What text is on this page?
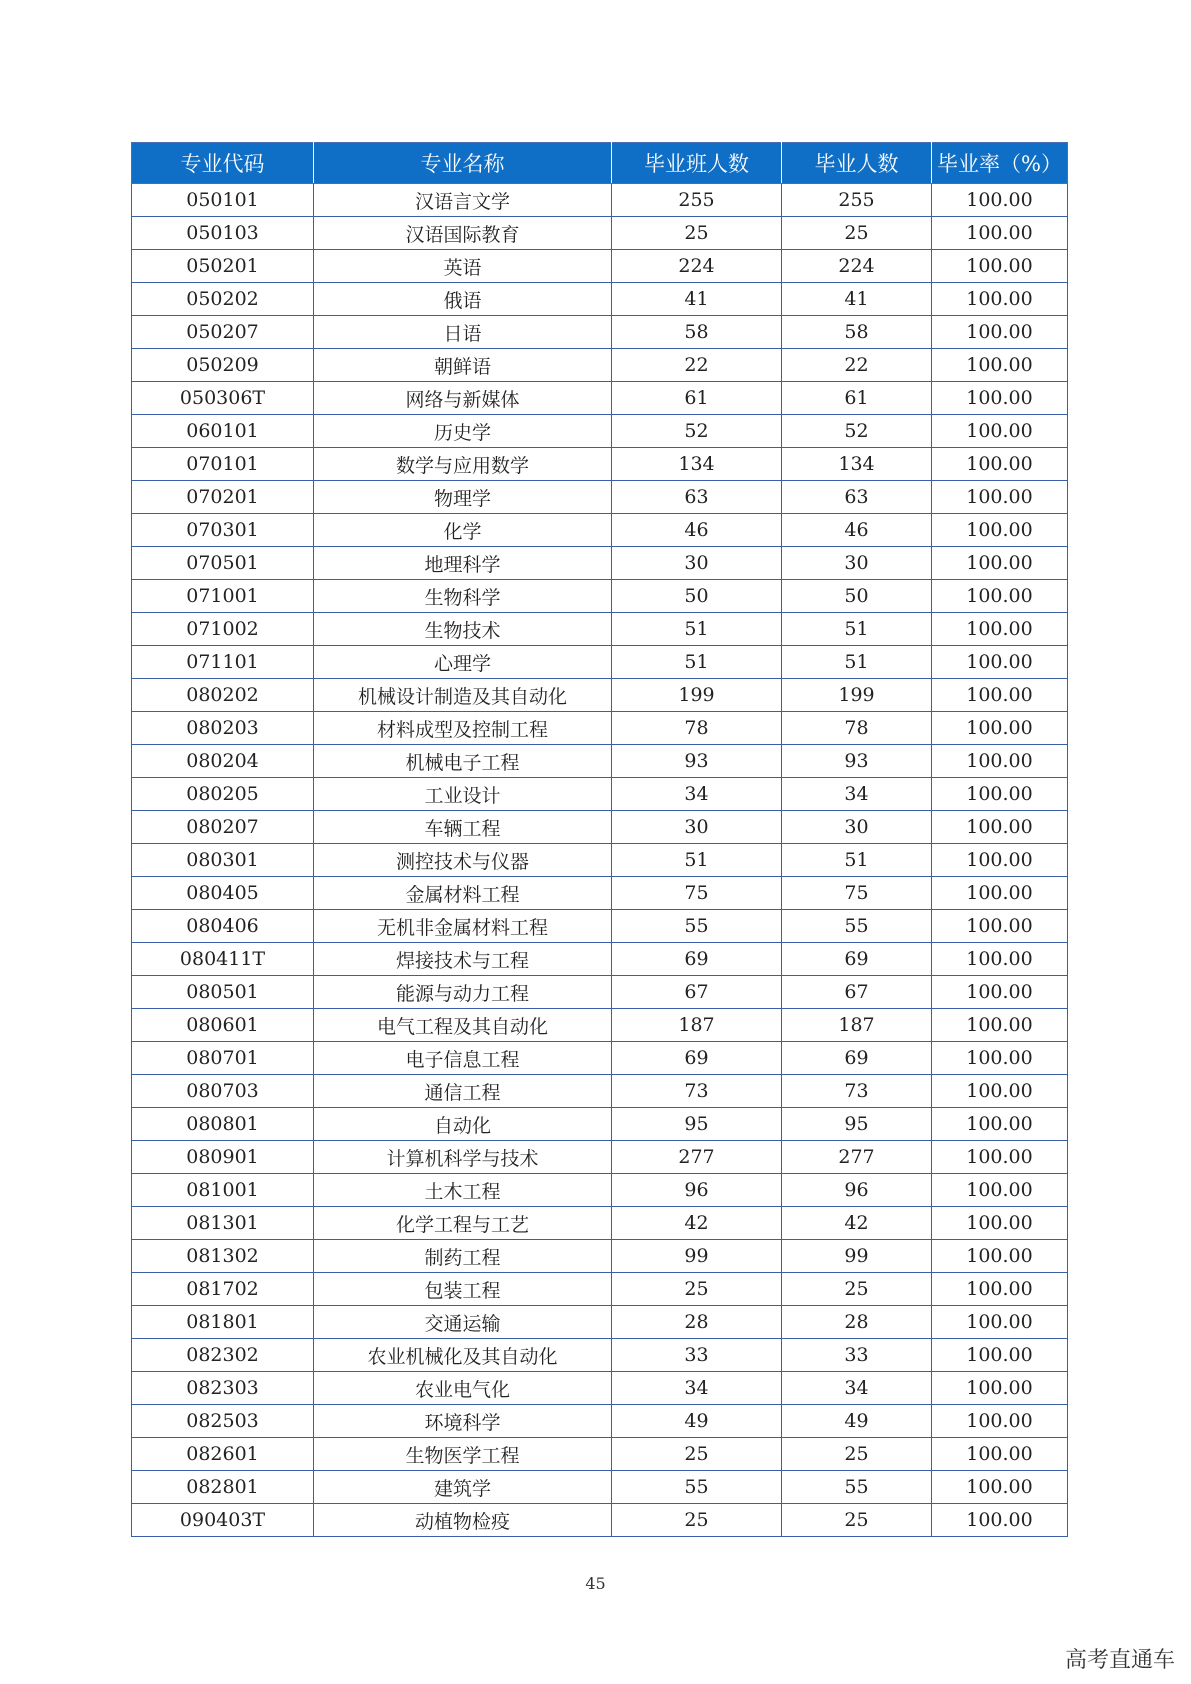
专业代码	专业名称	毕业班人数	毕业人数	毕业率（%）
050101	汉语言文学	255	255	100.00
050103	汉语国际教育	25	25	100.00
050201	英语	224	224	100.00
050202	俄语	41	41	100.00
050207	日语	58	58	100.00
050209	朝鲜语	22	22	100.00
050306T	网络与新媒体	61	61	100.00
060101	历史学	52	52	100.00
070101	数学与应用数学	134	134	100.00
070201	物理学	63	63	100.00
070301	化学	46	46	100.00
070501	地理科学	30	30	100.00
071001	生物科学	50	50	100.00
071002	生物技术	51	51	100.00
071101	心理学	51	51	100.00
080202	机械设计制造及其自动化	199	199	100.00
080203	材料成型及控制工程	78	78	100.00
080204	机械电子工程	93	93	100.00
080205	工业设计	34	34	100.00
080207	车辆工程	30	30	100.00
080301	测控技术与仪器	51	51	100.00
080405	金属材料工程	75	75	100.00
080406	无机非金属材料工程	55	55	100.00
080411T	焊接技术与工程	69	69	100.00
080501	能源与动力工程	67	67	100.00
080601	电气工程及其自动化	187	187	100.00
080701	电子信息工程	69	69	100.00
080703	通信工程	73	73	100.00
080801	自动化	95	95	100.00
080901	计算机科学与技术	277	277	100.00
081001	土木工程	96	96	100.00
081301	化学工程与工艺	42	42	100.00
081302	制药工程	99	99	100.00
081702	包装工程	25	25	100.00
081801	交通运输	28	28	100.00
082302	农业机械化及其自动化	33	33	100.00
082303	农业电气化	34	34	100.00
082503	环境科学	49	49	100.00
082601	生物医学工程	25	25	100.00
082801	建筑学	55	55	100.00
090403T	动植物检疫	25	25	100.00
45
高考直通车
